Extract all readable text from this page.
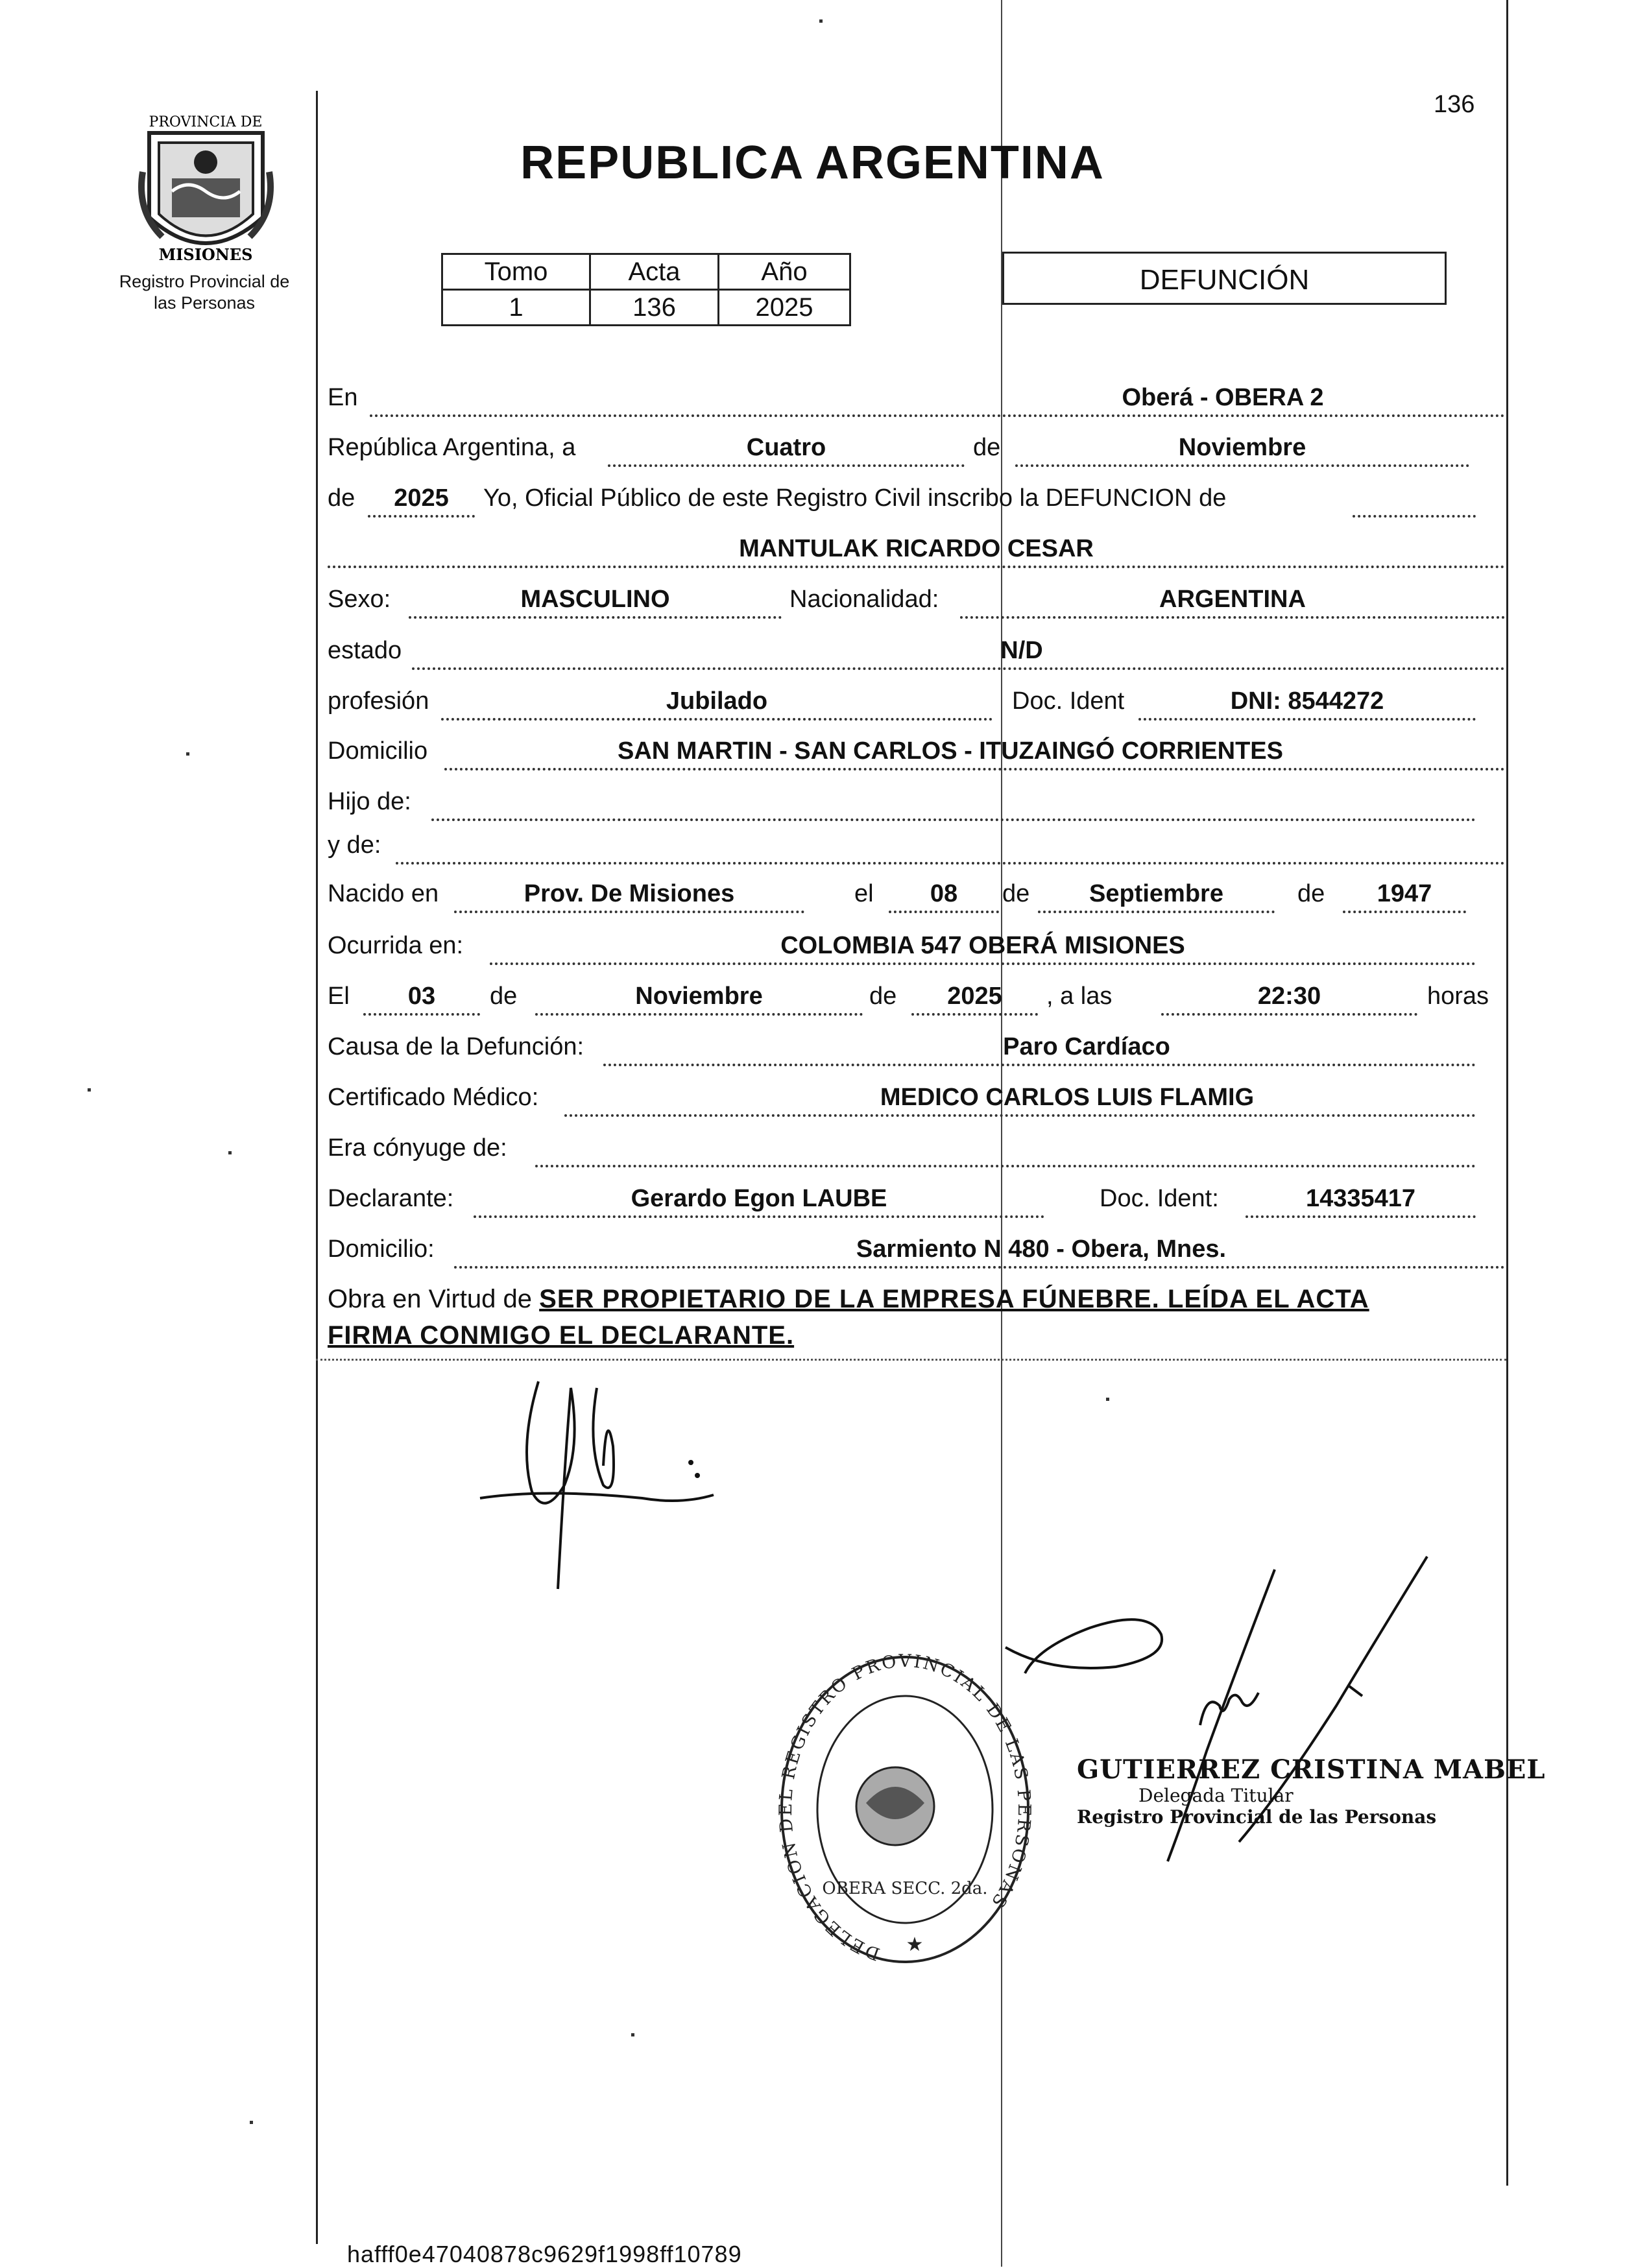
PROVINCIA DE
MISIONES
Registro Provincial de
las Personas
136
REPUBLICA ARGENTINA
Tomo	Acta	Año
1	136	2025
DEFUNCIÓN
En	Oberá - OBERA 2
República Argentina, a	Cuatro	de	Noviembre
de	2025	Yo, Oficial Público de este Registro Civil inscribo la DEFUNCION de
MANTULAK RICARDO CESAR
Sexo:	MASCULINO	Nacionalidad:	ARGENTINA
estado	N/D
profesión	Jubilado	Doc. Ident	DNI: 8544272
Domicilio	SAN MARTIN - SAN CARLOS - ITUZAINGÓ CORRIENTES
Hijo de:
y de:
Nacido en	Prov. De Misiones	el	08	de	Septiembre	de	1947
Ocurrida en:	COLOMBIA 547 OBERÁ MISIONES
El	03	de	Noviembre	de	2025	, a las	22:30	horas
Causa de la Defunción:	Paro Cardíaco
Certificado Médico:	MEDICO CARLOS LUIS FLAMIG
Era cónyuge de:
Declarante:	Gerardo Egon LAUBE	Doc. Ident:	14335417
Domicilio:	Sarmiento N 480 - Obera, Mnes.
Obra en Virtud de SER PROPIETARIO DE LA EMPRESA FÚNEBRE. LEÍDA EL ACTA
FIRMA CONMIGO EL DECLARANTE.
DELEGACION DEL REGISTRO PROVINCIAL DE LAS PERSONAS
OBERA SECC. 2da.
★
GUTIERREZ CRISTINA MABEL
Delegada Titular
Registro Provincial de las Personas
hafff0e47040878c9629f1998ff10789
